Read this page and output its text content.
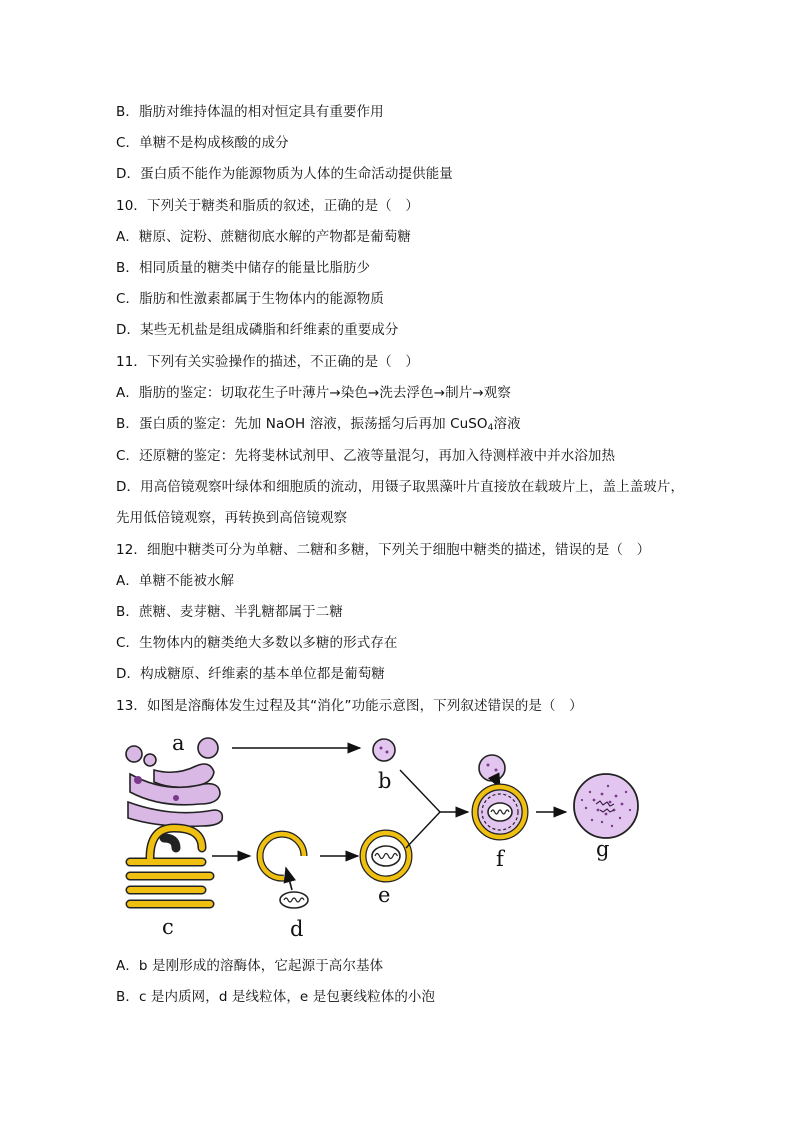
B．脂肪对维持体温的相对恒定具有重要作用
C．单糖不是构成核酸的成分
D．蛋白质不能作为能源物质为人体的生命活动提供能量
10．下列关于糖类和脂质的叙述，正确的是（　）
A．糖原、淀粉、蔗糖彻底水解的产物都是葡萄糖
B．相同质量的糖类中储存的能量比脂肪少
C．脂肪和性激素都属于生物体内的能源物质
D．某些无机盐是组成磷脂和纤维素的重要成分
11．下列有关实验操作的描述，不正确的是（　）
A．脂肪的鉴定：切取花生子叶薄片→染色→洗去浮色→制片→观察
B．蛋白质的鉴定：先加 NaOH 溶液，振荡摇匀后再加 CuSO$_4$溶液
C．还原糖的鉴定：先将斐林试剂甲、乙液等量混匀，再加入待测样液中并水浴加热
D．用高倍镜观察叶绿体和细胞质的流动，用镊子取黑藻叶片直接放在载玻片上，盖上盖玻片，
先用低倍镜观察，再转换到高倍镜观察
12．细胞中糖类可分为单糖、二糖和多糖，下列关于细胞中糖类的描述，错误的是（　）
A．单糖不能被水解
B．蔗糖、麦芽糖、半乳糖都属于二糖
C．生物体内的糖类绝大多数以多糖的形式存在
D．构成糖原、纤维素的基本单位都是葡萄糖
13．如图是溶酶体发生过程及其“消化”功能示意图，下列叙述错误的是（　）
a
b
c	d
e
f	g
A．b 是刚形成的溶酶体，它起源于高尔基体
B．c 是内质网，d 是线粒体，e 是包裹线粒体的小泡
